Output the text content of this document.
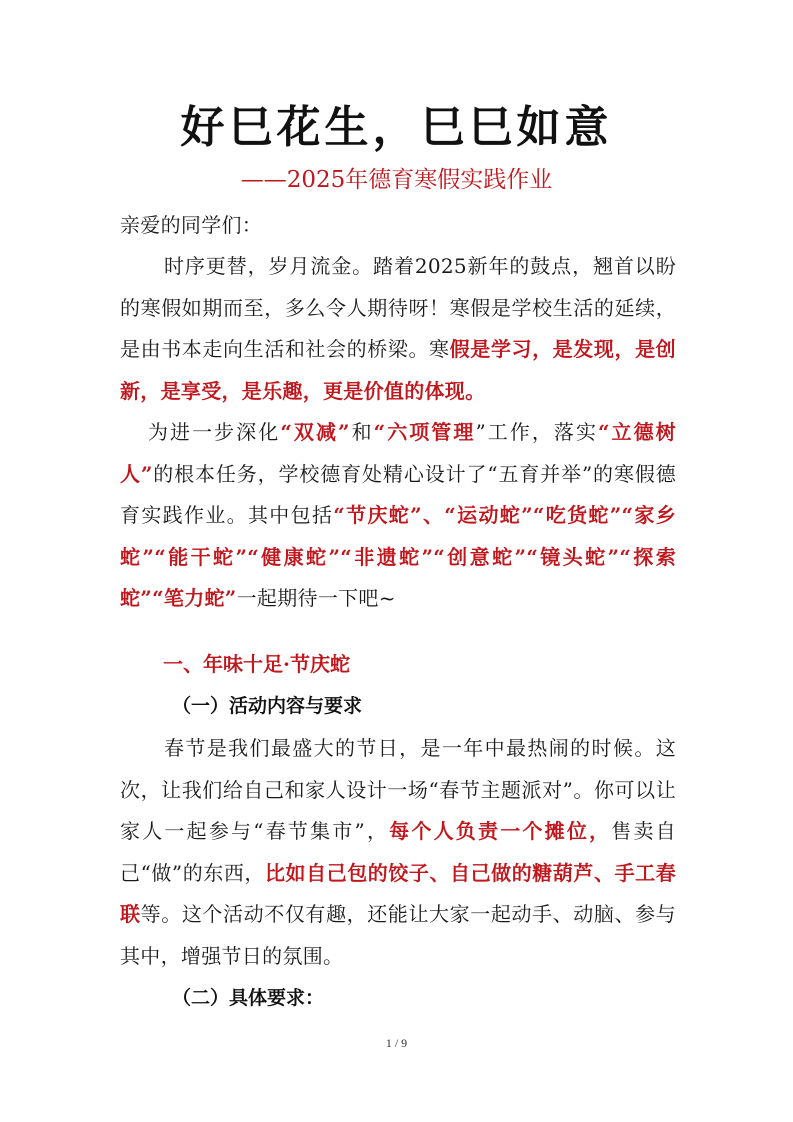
好巳花生，巳巳如意
——2025年德育寒假实践作业
亲爱的同学们：
时序更替，岁月流金。踏着2025新年的鼓点，翘首以盼的寒假如期而至，多么令人期待呀！寒假是学校生活的延续，是由书本走向生活和社会的桥梁。寒假是学习，是发现，是创新，是享受，是乐趣，更是价值的体现。
为进一步深化“双减”和“六项管理”工作，落实“立德树人”的根本任务，学校德育处精心设计了“五育并举”的寒假德育实践作业。其中包括“节庆蛇”、“运动蛇”“吃货蛇”“家乡蛇”“能干蛇”“健康蛇”“非遗蛇”“创意蛇”“镜头蛇”“探索蛇”“笔力蛇”一起期待一下吧~
一、年味十足·节庆蛇
（一）活动内容与要求
春节是我们最盛大的节日，是一年中最热闹的时候。这次，让我们给自己和家人设计一场“春节主题派对”。你可以让家人一起参与“春节集市”，每个人负责一个摊位，售卖自己“做”的东西，比如自己包的饺子、自己做的糖葫芦、手工春联等。这个活动不仅有趣，还能让大家一起动手、动脑、参与其中，增强节日的氛围。
（二）具体要求：
1 / 9
